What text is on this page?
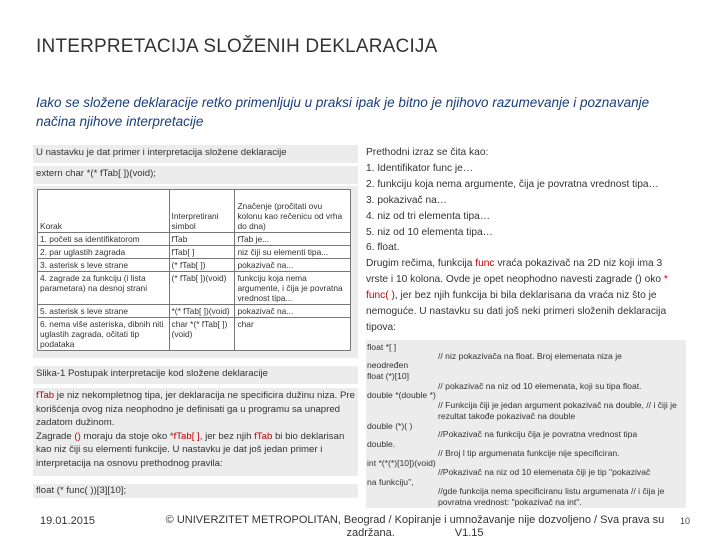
INTERPRETACIJA SLOŽENIH DEKLARACIJA
Iako se složene deklaracije retko primenljuju u praksi ipak je bitno je njihovo razumevanje i poznavanje načina njihove interpretacije
U nastavku je dat primer i interpretacija složene deklaracije
extern char *(* fTab[ ])(void);
Korak	Interpretirani simbol	Značenje (pročitati ovu kolonu kao rečenicu od vrha do dna)
1. početi sa identifikatorom	fTab	fTab je...
2. par uglastih zagrada	fTab[ ]	niz čiji su elementi tipa...
3. asterisk s leve strane	(* fTab[ ])	pokazivač na...
4. zagrade za funkciju (i lista parametara) na desnoj strani	(* fTab[ ])(void)	funkciju koja nema argumente, i čija je povratna vrednost tipa...
5. asterisk s leve strane	*(* fTab[ ])(void)	pokazivač na...
6. nema više asteriska, dibnih niti uglastih zagrada, očitati tip podataka	char *(* fTab[ ])(void)	char
Slika-1 Postupak interpretacije kod složene deklaracije
fTab je niz nekompletnog tipa, jer deklaracija ne specificira dužinu niza. Pre korišćenja ovog niza neophodno je definisati ga u programu sa unapred zadatom dužinom.
Zagrade () moraju da stoje oko *fTab[ ], jer bez njih fTab bi bio deklarisan kao niz čiji su elementi funkcije. U nastavku je dat još jedan primer i interpretacija na osnovu prethodnog pravila:
float (* func( ))[3][10];
Prethodni izraz se čita kao:
1. Identifikator func je…
2. funkciju koja nema argumente, čija je povratna vrednost tipa…
3. pokazivač na…
4. niz od tri elementa tipa…
5. niz od 10 elementa tipa…
6. float.

Drugim rečima, funkcija func vraća pokazivač na 2D niz koji ima 3 vrste i 10 kolona. Ovde je opet neophodno navesti zagrade () oko * func( ), jer bez njih funkcija bi bila deklarisana da vraća niz što je nemoguće. U nastavku su dati još neki primeri složenih deklaracija tipova:

float *[ ]
// niz pokazivača na float. Broj elemenata niza je
neodređen
float (*)[10]
// pokazivač na niz od 10 elemenata, koji su tipa float.
double *(double *)
// Funkcija čiji je jedan argument pokazivač na double, // i čiji je rezultat takođe pokazivač na double
double (*)( )
//Pokazivač na funkciju čija je povratna vrednost tipa
double.
// Broj l tip argumenata funkcije nije specificiran.
int *(*(*)[10])(void)
//Pokazivač na niz od 10 elemenata čiji je tip "pokazivač
na funkciju",
//gde funkcija nema specificiranu listu argumenata // i čija je povratna vrednost: "pokazivač na int".
19.01.2015	© UNIVERZITET METROPOLITAN, Beograd / Kopiranje i umnožavanje nije dozvoljeno / Sva prava su
zadržana.	V1.15
10
